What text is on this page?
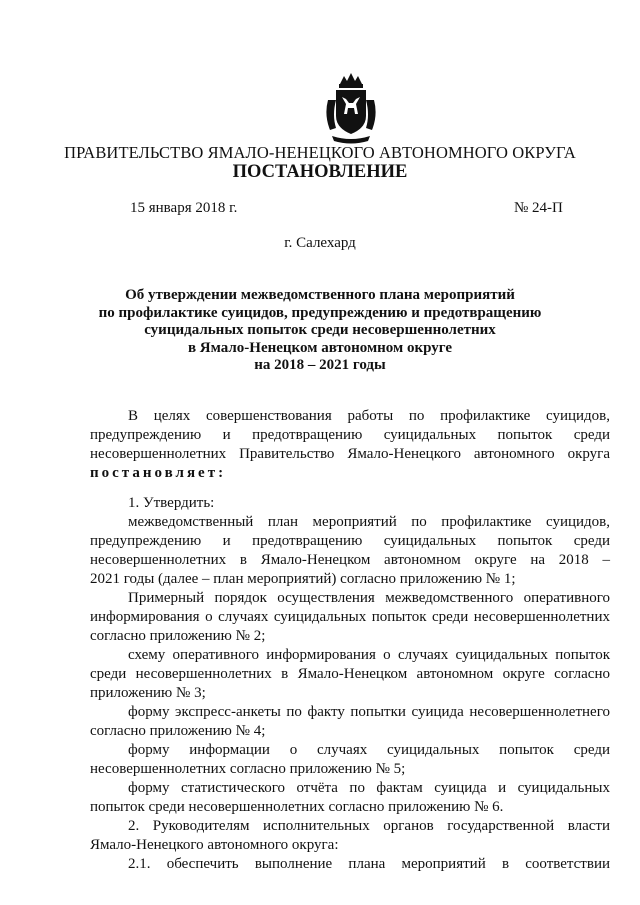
ПРАВИТЕЛЬСТВО ЯМАЛО-НЕНЕЦКОГО АВТОНОМНОГО ОКРУГА
ПОСТАНОВЛЕНИЕ
15 января 2018 г.	№ 24-П
г. Салехард
Об утверждении межведомственного плана мероприятий
по профилактике суицидов, предупреждению и предотвращению
суицидальных попыток среди несовершеннолетних
в Ямало-Ненецком автономном округе
на 2018 – 2021 годы
В целях совершенствования работы по профилактике суицидов,
предупреждению и предотвращению суицидальных попыток среди
несовершеннолетних Правительство Ямало-Ненецкого автономного округа
постановляет:
1. Утвердить:
межведомственный план мероприятий по профилактике суицидов,
предупреждению и предотвращению суицидальных попыток среди
несовершеннолетних в Ямало-Ненецком автономном округе на 2018 –
2021 годы (далее – план мероприятий) согласно приложению № 1;
Примерный порядок осуществления межведомственного оперативного
информирования о случаях суицидальных попыток среди несовершеннолетних
согласно приложению № 2;
схему оперативного информирования о случаях суицидальных попыток
среди несовершеннолетних в Ямало-Ненецком автономном округе согласно
приложению № 3;
форму экспресс-анкеты по факту попытки суицида несовершеннолетнего
согласно приложению № 4;
форму информации о случаях суицидальных попыток среди
несовершеннолетних согласно приложению № 5;
форму статистического отчёта по фактам суицида и суицидальных
попыток среди несовершеннолетних согласно приложению № 6.
2. Руководителям исполнительных органов государственной власти
Ямало-Ненецкого автономного округа:
2.1. обеспечить выполнение плана мероприятий в соответствии
